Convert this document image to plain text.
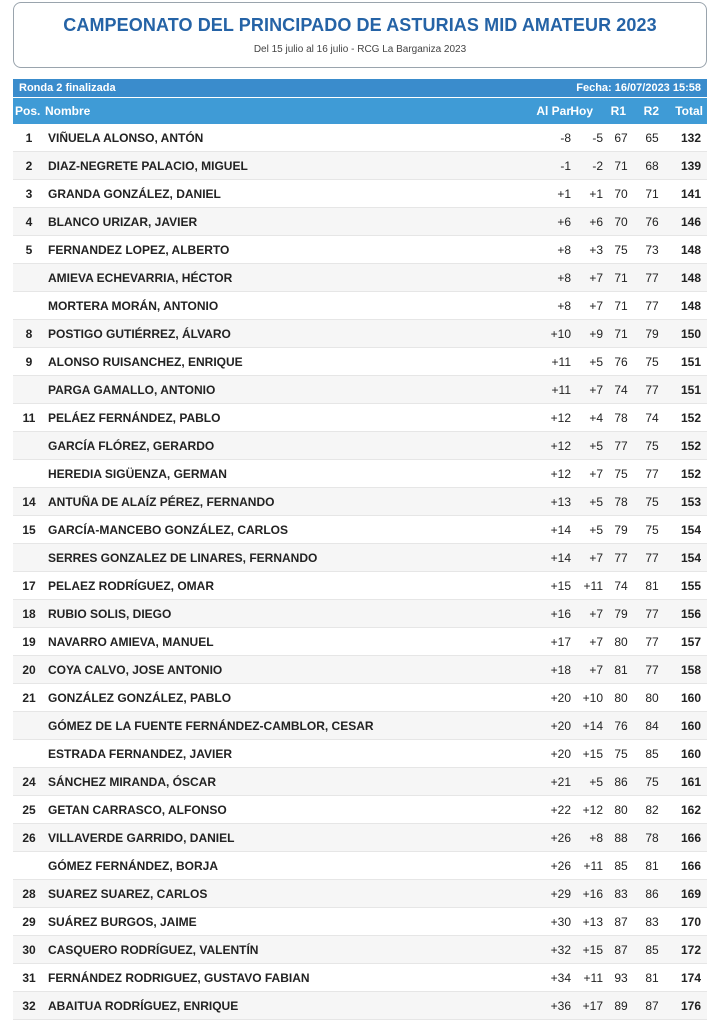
CAMPEONATO DEL PRINCIPADO DE ASTURIAS MID AMATEUR 2023
Del 15 julio al 16 julio - RCG La Barganiza 2023
Ronda 2 finalizada	Fecha: 16/07/2023 15:58
Pos. Nombre	Al Par Hoy R1 R2 Total
1	VIÑUELA ALONSO, ANTÓN	-8	-5 67	65	132
2	DIAZ-NEGRETE PALACIO, MIGUEL	-1	-2 71	68	139
3	GRANDA GONZÁLEZ, DANIEL	+1	+1 70	71	141
4	BLANCO URIZAR, JAVIER	+6	+6 70	76	146
5	FERNANDEZ LOPEZ, ALBERTO	+8	+3 75	73	148
AMIEVA ECHEVARRIA, HÉCTOR	+8	+7 71	77	148
MORTERA MORÁN, ANTONIO	+8	+7 71	77	148
8	POSTIGO GUTIÉRREZ, ÁLVARO	+10	+9 71	79	150
9	ALONSO RUISANCHEZ, ENRIQUE	+11	+5 76	75	151
PARGA GAMALLO, ANTONIO	+11	+7 74	77	151
11	PELÁEZ FERNÁNDEZ, PABLO	+12	+4 78	74	152
GARCÍA FLÓREZ, GERARDO	+12	+5 77	75	152
HEREDIA SIGÜENZA, GERMAN	+12	+7 75	77	152
14	ANTUÑA DE ALAÍZ PÉREZ, FERNANDO	+13	+5 78	75	153
15	GARCÍA-MANCEBO GONZÁLEZ, CARLOS	+14	+5 79	75	154
SERRES GONZALEZ DE LINARES, FERNANDO	+14	+7 77	77	154
17	PELAEZ RODRÍGUEZ, OMAR	+15	+11 74	81	155
18	RUBIO SOLIS, DIEGO	+16	+7 79	77	156
19	NAVARRO AMIEVA, MANUEL	+17	+7 80	77	157
20	COYA CALVO, JOSE ANTONIO	+18	+7 81	77	158
21	GONZÁLEZ GONZÁLEZ, PABLO	+20 +10 80	80	160
GÓMEZ DE LA FUENTE FERNÁNDEZ-CAMBLOR, CESAR	+20 +14 76	84	160
ESTRADA FERNANDEZ, JAVIER	+20 +15 75	85	160
24	SÁNCHEZ MIRANDA, ÓSCAR	+21	+5 86	75	161
25	GETAN CARRASCO, ALFONSO	+22 +12 80	82	162
26	VILLAVERDE GARRIDO, DANIEL	+26	+8 88	78	166
GÓMEZ FERNÁNDEZ, BORJA	+26	+11 85	81	166
28	SUAREZ SUAREZ, CARLOS	+29 +16 83	86	169
29	SUÁREZ BURGOS, JAIME	+30 +13 87	83	170
30	CASQUERO RODRÍGUEZ, VALENTÍN	+32 +15 87	85	172
31	FERNÁNDEZ RODRIGUEZ, GUSTAVO FABIAN	+34	+11 93	81	174
32	ABAITUA RODRÍGUEZ, ENRIQUE	+36 +17 89	87	176
